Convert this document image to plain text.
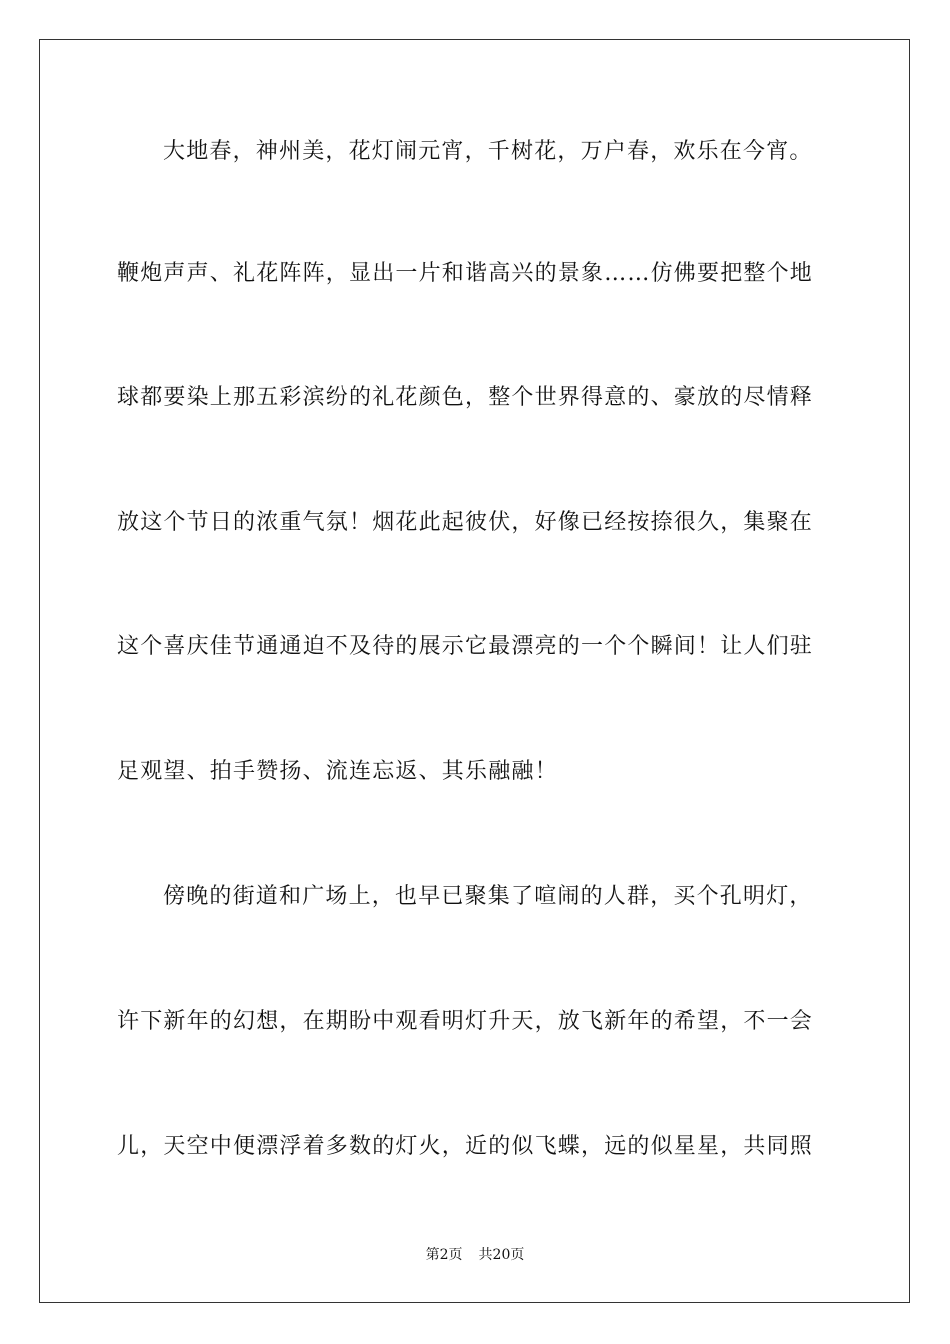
大地春，神州美，花灯闹元宵，千树花，万户春，欢乐在今宵。
鞭炮声声、礼花阵阵，显出一片和谐高兴的景象……仿佛要把整个地
球都要染上那五彩滨纷的礼花颜色，整个世界得意的、豪放的尽情释
放这个节日的浓重气氛！烟花此起彼伏，好像已经按捺很久，集聚在
这个喜庆佳节通通迫不及待的展示它最漂亮的一个个瞬间！让人们驻
足观望、拍手赞扬、流连忘返、其乐融融！
傍晚的街道和广场上，也早已聚集了喧闹的人群，买个孔明灯，
许下新年的幻想，在期盼中观看明灯升天，放飞新年的希望，不一会
儿，天空中便漂浮着多数的灯火，近的似飞蝶，远的似星星，共同照
第2页 共20页
